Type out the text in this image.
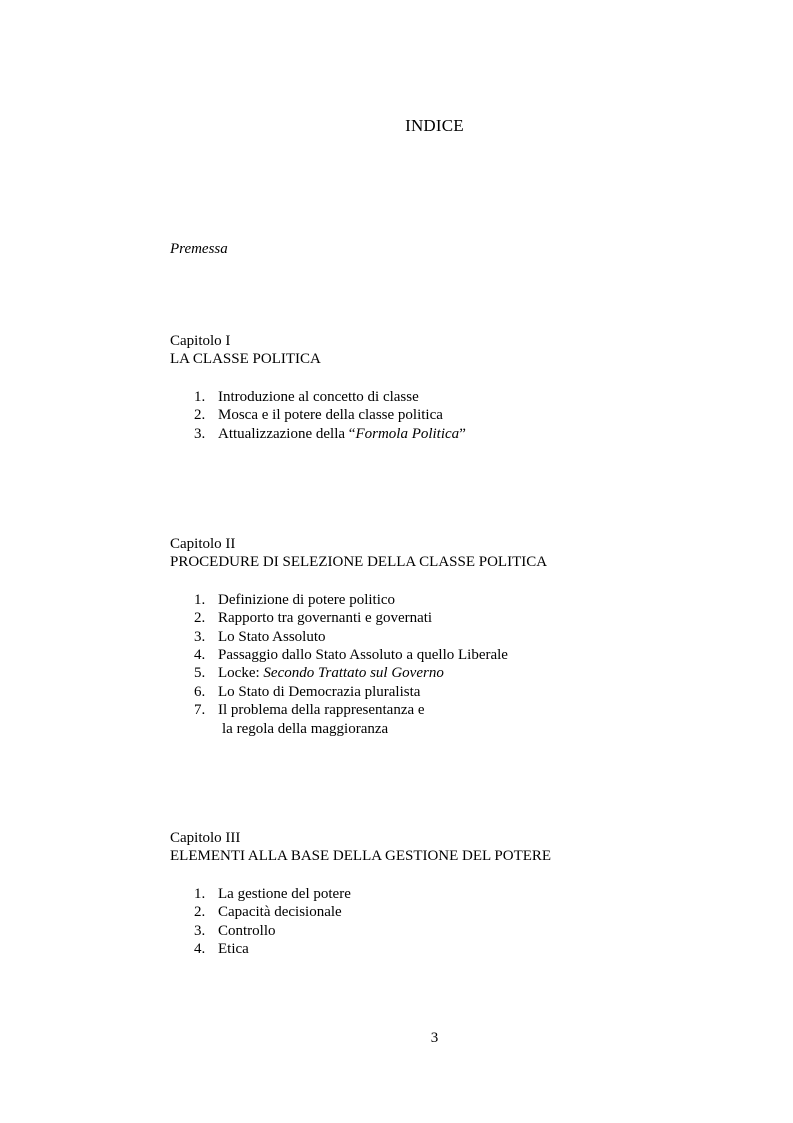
INDICE
Premessa
Capitolo I
LA CLASSE POLITICA
1. Introduzione al concetto di classe
2. Mosca e il potere della classe politica
3. Attualizzazione della “Formola Politica”
Capitolo II
PROCEDURE DI SELEZIONE DELLA CLASSE POLITICA
1. Definizione di potere politico
2. Rapporto tra governanti e governati
3. Lo Stato Assoluto
4. Passaggio dallo Stato Assoluto a quello Liberale
5. Locke: Secondo Trattato sul Governo
6. Lo Stato di Democrazia pluralista
7. Il problema della rappresentanza e
la regola della maggioranza
Capitolo III
ELEMENTI ALLA BASE DELLA GESTIONE DEL POTERE
1. La gestione del potere
2. Capacità decisionale
3. Controllo
4. Etica
3
